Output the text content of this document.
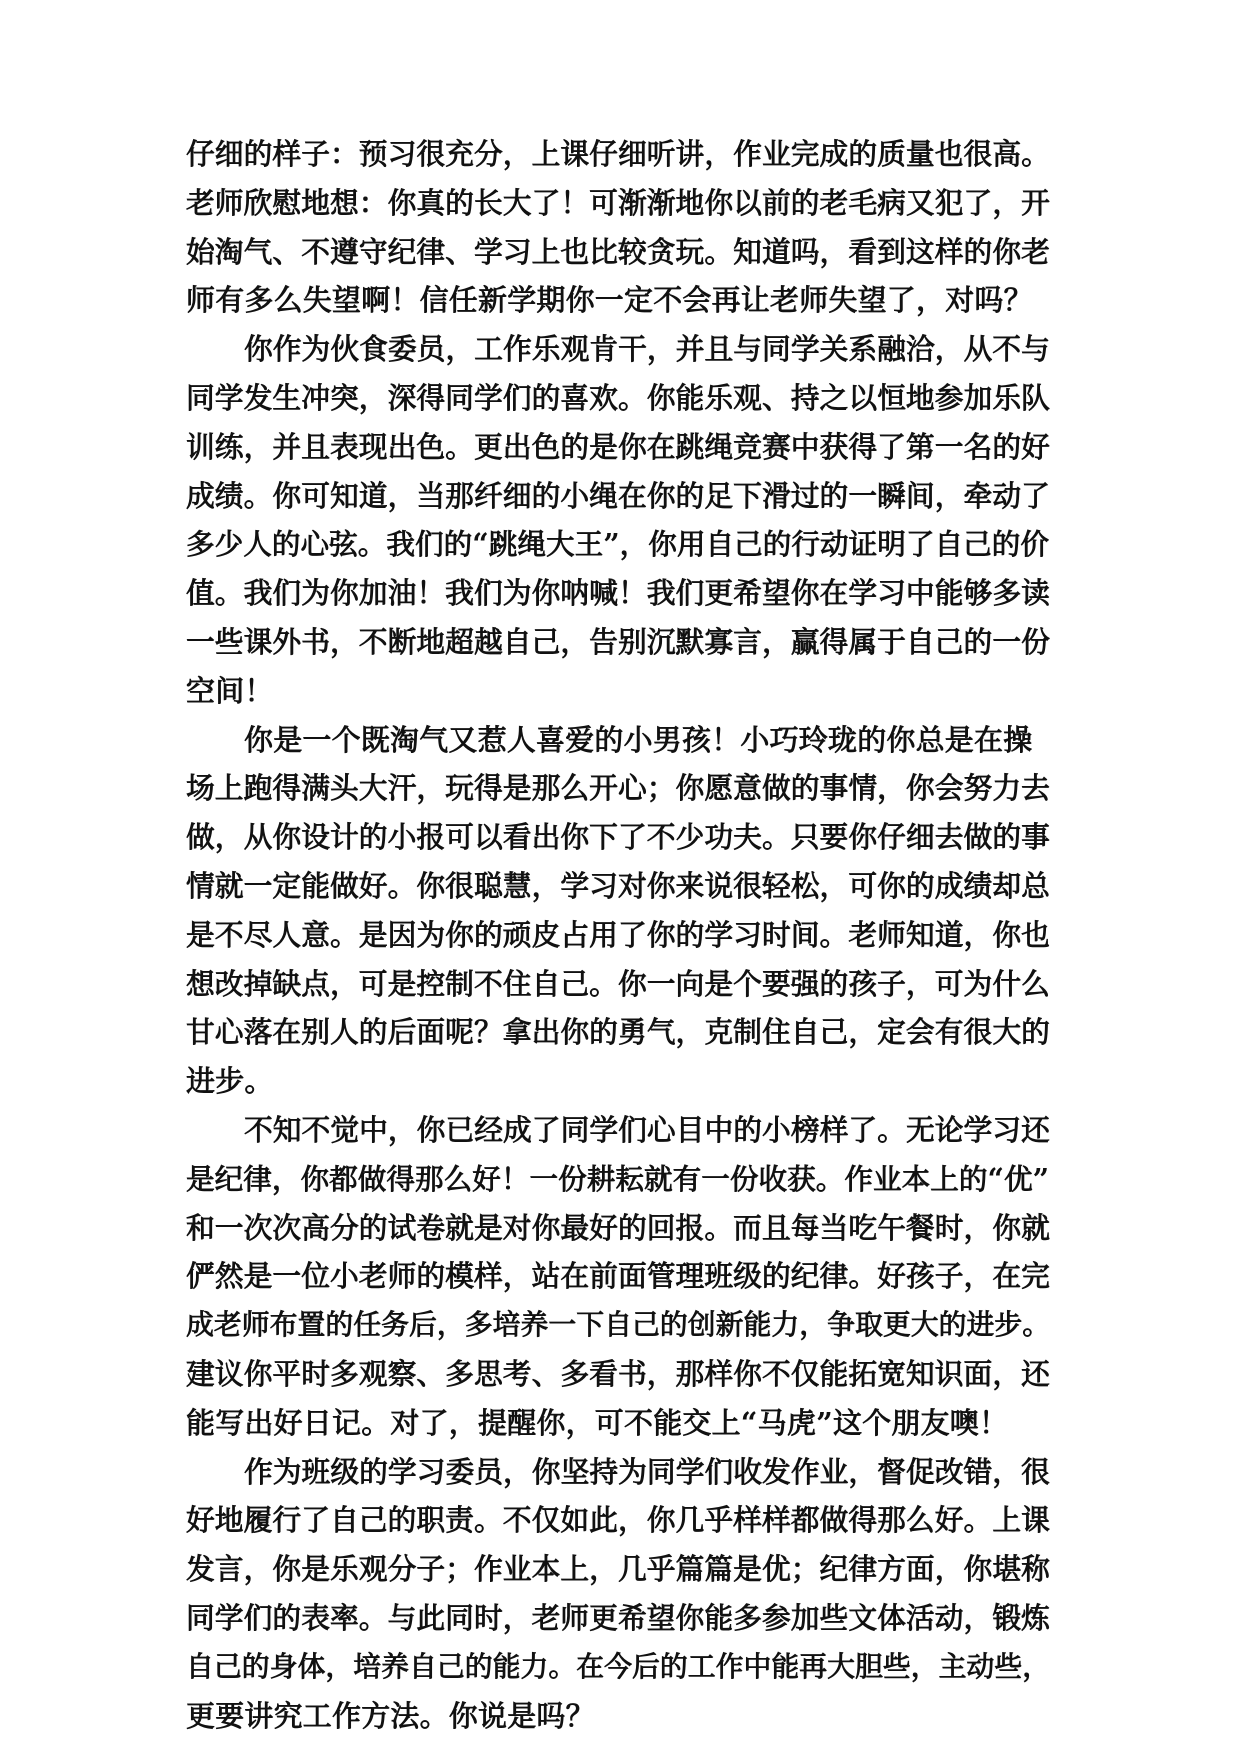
仔细的样子：预习很充分，上课仔细听讲，作业完成的质量也很高。
老师欣慰地想：你真的长大了！可渐渐地你以前的老毛病又犯了，开
始淘气、不遵守纪律、学习上也比较贪玩。知道吗，看到这样的你老
师有多么失望啊！信任新学期你一定不会再让老师失望了，对吗？
你作为伙食委员，工作乐观肯干，并且与同学关系融洽，从不与
同学发生冲突，深得同学们的喜欢。你能乐观、持之以恒地参加乐队
训练，并且表现出色。更出色的是你在跳绳竞赛中获得了第一名的好
成绩。你可知道，当那纤细的小绳在你的足下滑过的一瞬间，牵动了
多少人的心弦。我们的“跳绳大王”，你用自己的行动证明了自己的价
值。我们为你加油！我们为你呐喊！我们更希望你在学习中能够多读
一些课外书，不断地超越自己，告别沉默寡言，赢得属于自己的一份
空间！
你是一个既淘气又惹人喜爱的小男孩！小巧玲珑的你总是在操
场上跑得满头大汗，玩得是那么开心；你愿意做的事情，你会努力去
做，从你设计的小报可以看出你下了不少功夫。只要你仔细去做的事
情就一定能做好。你很聪慧，学习对你来说很轻松，可你的成绩却总
是不尽人意。是因为你的顽皮占用了你的学习时间。老师知道，你也
想改掉缺点，可是控制不住自己。你一向是个要强的孩子，可为什么
甘心落在别人的后面呢？拿出你的勇气，克制住自己，定会有很大的
进步。
不知不觉中，你已经成了同学们心目中的小榜样了。无论学习还
是纪律，你都做得那么好！一份耕耘就有一份收获。作业本上的“优”
和一次次高分的试卷就是对你最好的回报。而且每当吃午餐时，你就
俨然是一位小老师的模样，站在前面管理班级的纪律。好孩子，在完
成老师布置的任务后，多培养一下自己的创新能力，争取更大的进步。
建议你平时多观察、多思考、多看书，那样你不仅能拓宽知识面，还
能写出好日记。对了，提醒你，可不能交上“马虎”这个朋友噢！
作为班级的学习委员，你坚持为同学们收发作业，督促改错，很
好地履行了自己的职责。不仅如此，你几乎样样都做得那么好。上课
发言，你是乐观分子；作业本上，几乎篇篇是优；纪律方面，你堪称
同学们的表率。与此同时，老师更希望你能多参加些文体活动，锻炼
自己的身体，培养自己的能力。在今后的工作中能再大胆些，主动些，
更要讲究工作方法。你说是吗？
